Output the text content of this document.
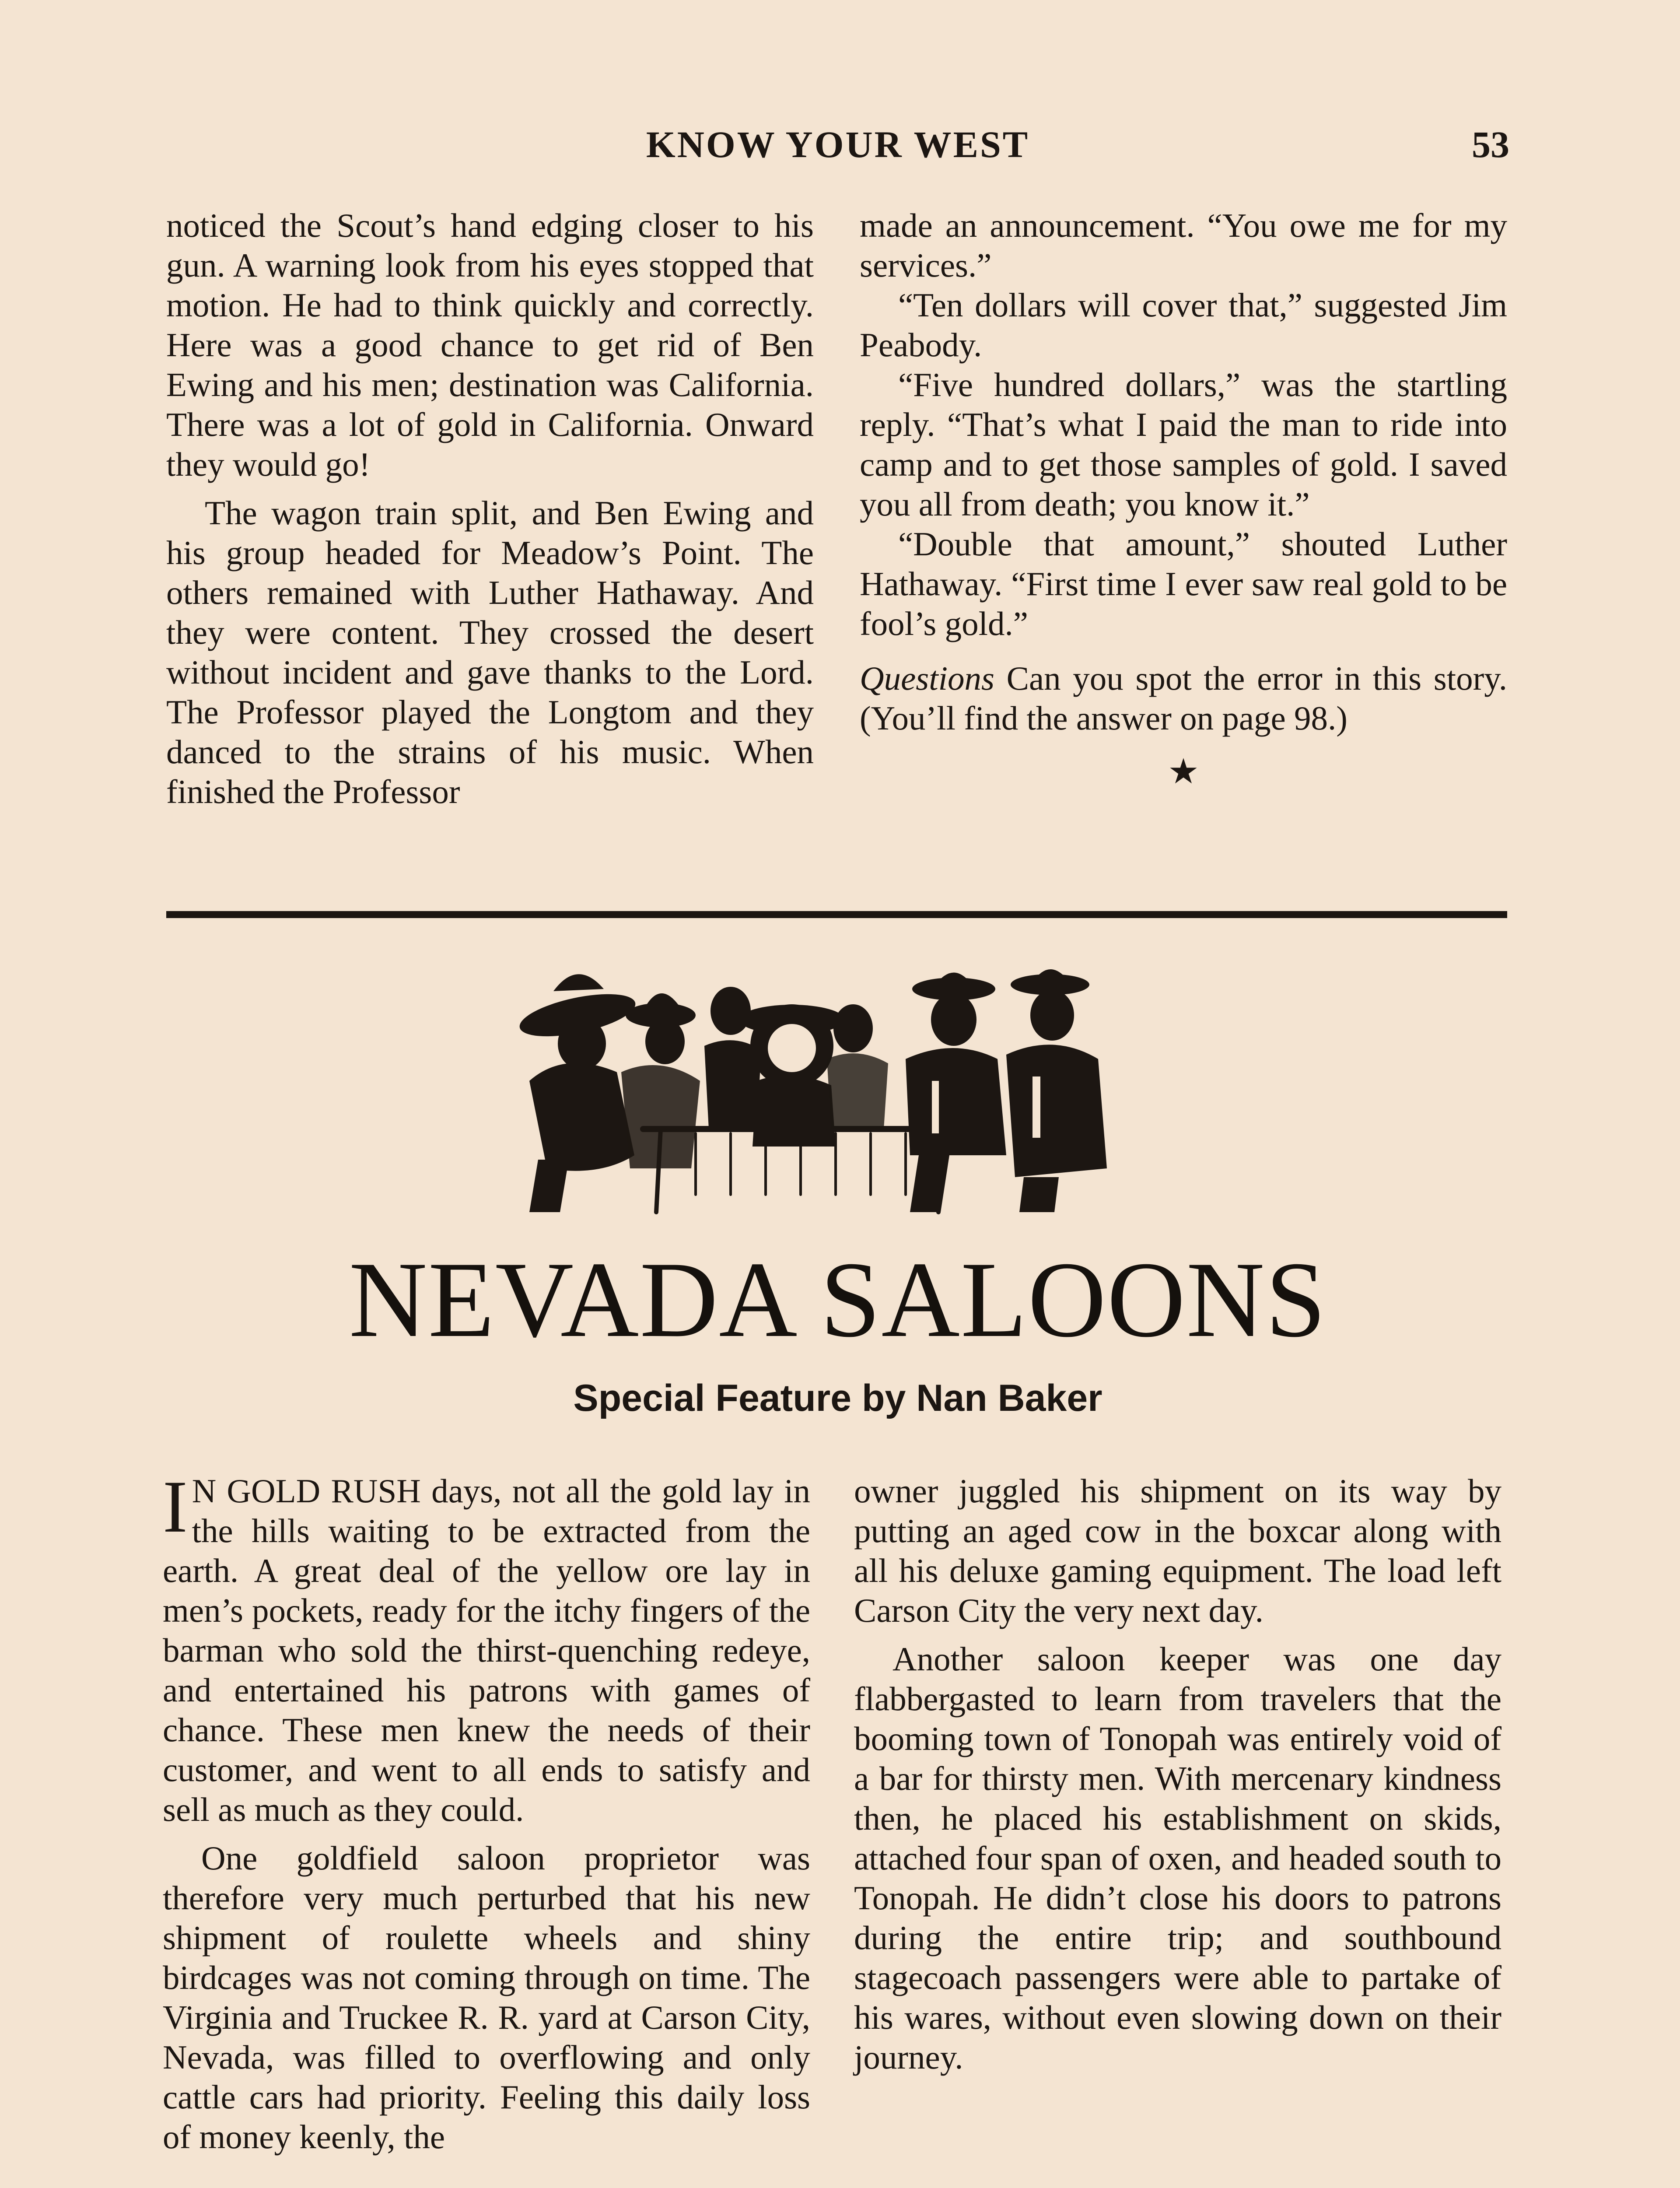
KNOW YOUR WEST	53

noticed the Scout’s hand edging closer to his gun. A warning look from his eyes stopped that motion. He had to think quickly and correctly. Here was a good chance to get rid of Ben Ewing and his men; destination was California. There was a lot of gold in California. Onward they would go!

The wagon train split, and Ben Ewing and his group headed for Meadow’s Point. The others remained with Luther Hathaway. And they were content. They crossed the desert without incident and gave thanks to the Lord. The Professor played the Longtom and they danced to the strains of his music. When finished the Professor

made an announcement. “You owe me for my services.”

“Ten dollars will cover that,” suggested Jim Peabody.

“Five hundred dollars,” was the startling reply. “That’s what I paid the man to ride into camp and to get those samples of gold. I saved you all from death; you know it.”

“Double that amount,” shouted Luther Hathaway. “First time I ever saw real gold to be fool’s gold.”

Questions Can you spot the error in this story. (You’ll find the answer on page 98.)

★
NEVADA SALOONS
Special Feature by Nan Baker

I N GOLD RUSH days, not all the gold lay in the hills waiting to be extracted from the earth. A great deal of the yellow ore lay in men’s pockets, ready for the itchy fingers of the barman who sold the thirst-quenching redeye, and entertained his patrons with games of chance. These men knew the needs of their customer, and went to all ends to satisfy and sell as much as they could.

One goldfield saloon proprietor was therefore very much perturbed that his new shipment of roulette wheels and shiny birdcages was not coming through on time. The Virginia and Truckee R. R. yard at Carson City, Nevada, was filled to overflowing and only cattle cars had priority. Feeling this daily loss of money keenly, the

owner juggled his shipment on its way by putting an aged cow in the boxcar along with all his deluxe gaming equipment. The load left Carson City the very next day.

Another saloon keeper was one day flabbergasted to learn from travelers that the booming town of Tonopah was entirely void of a bar for thirsty men. With mercenary kindness then, he placed his establishment on skids, attached four span of oxen, and headed south to Tonopah. He didn’t close his doors to patrons during the entire trip; and southbound stagecoach passengers were able to partake of his wares, without even slowing down on their journey.
